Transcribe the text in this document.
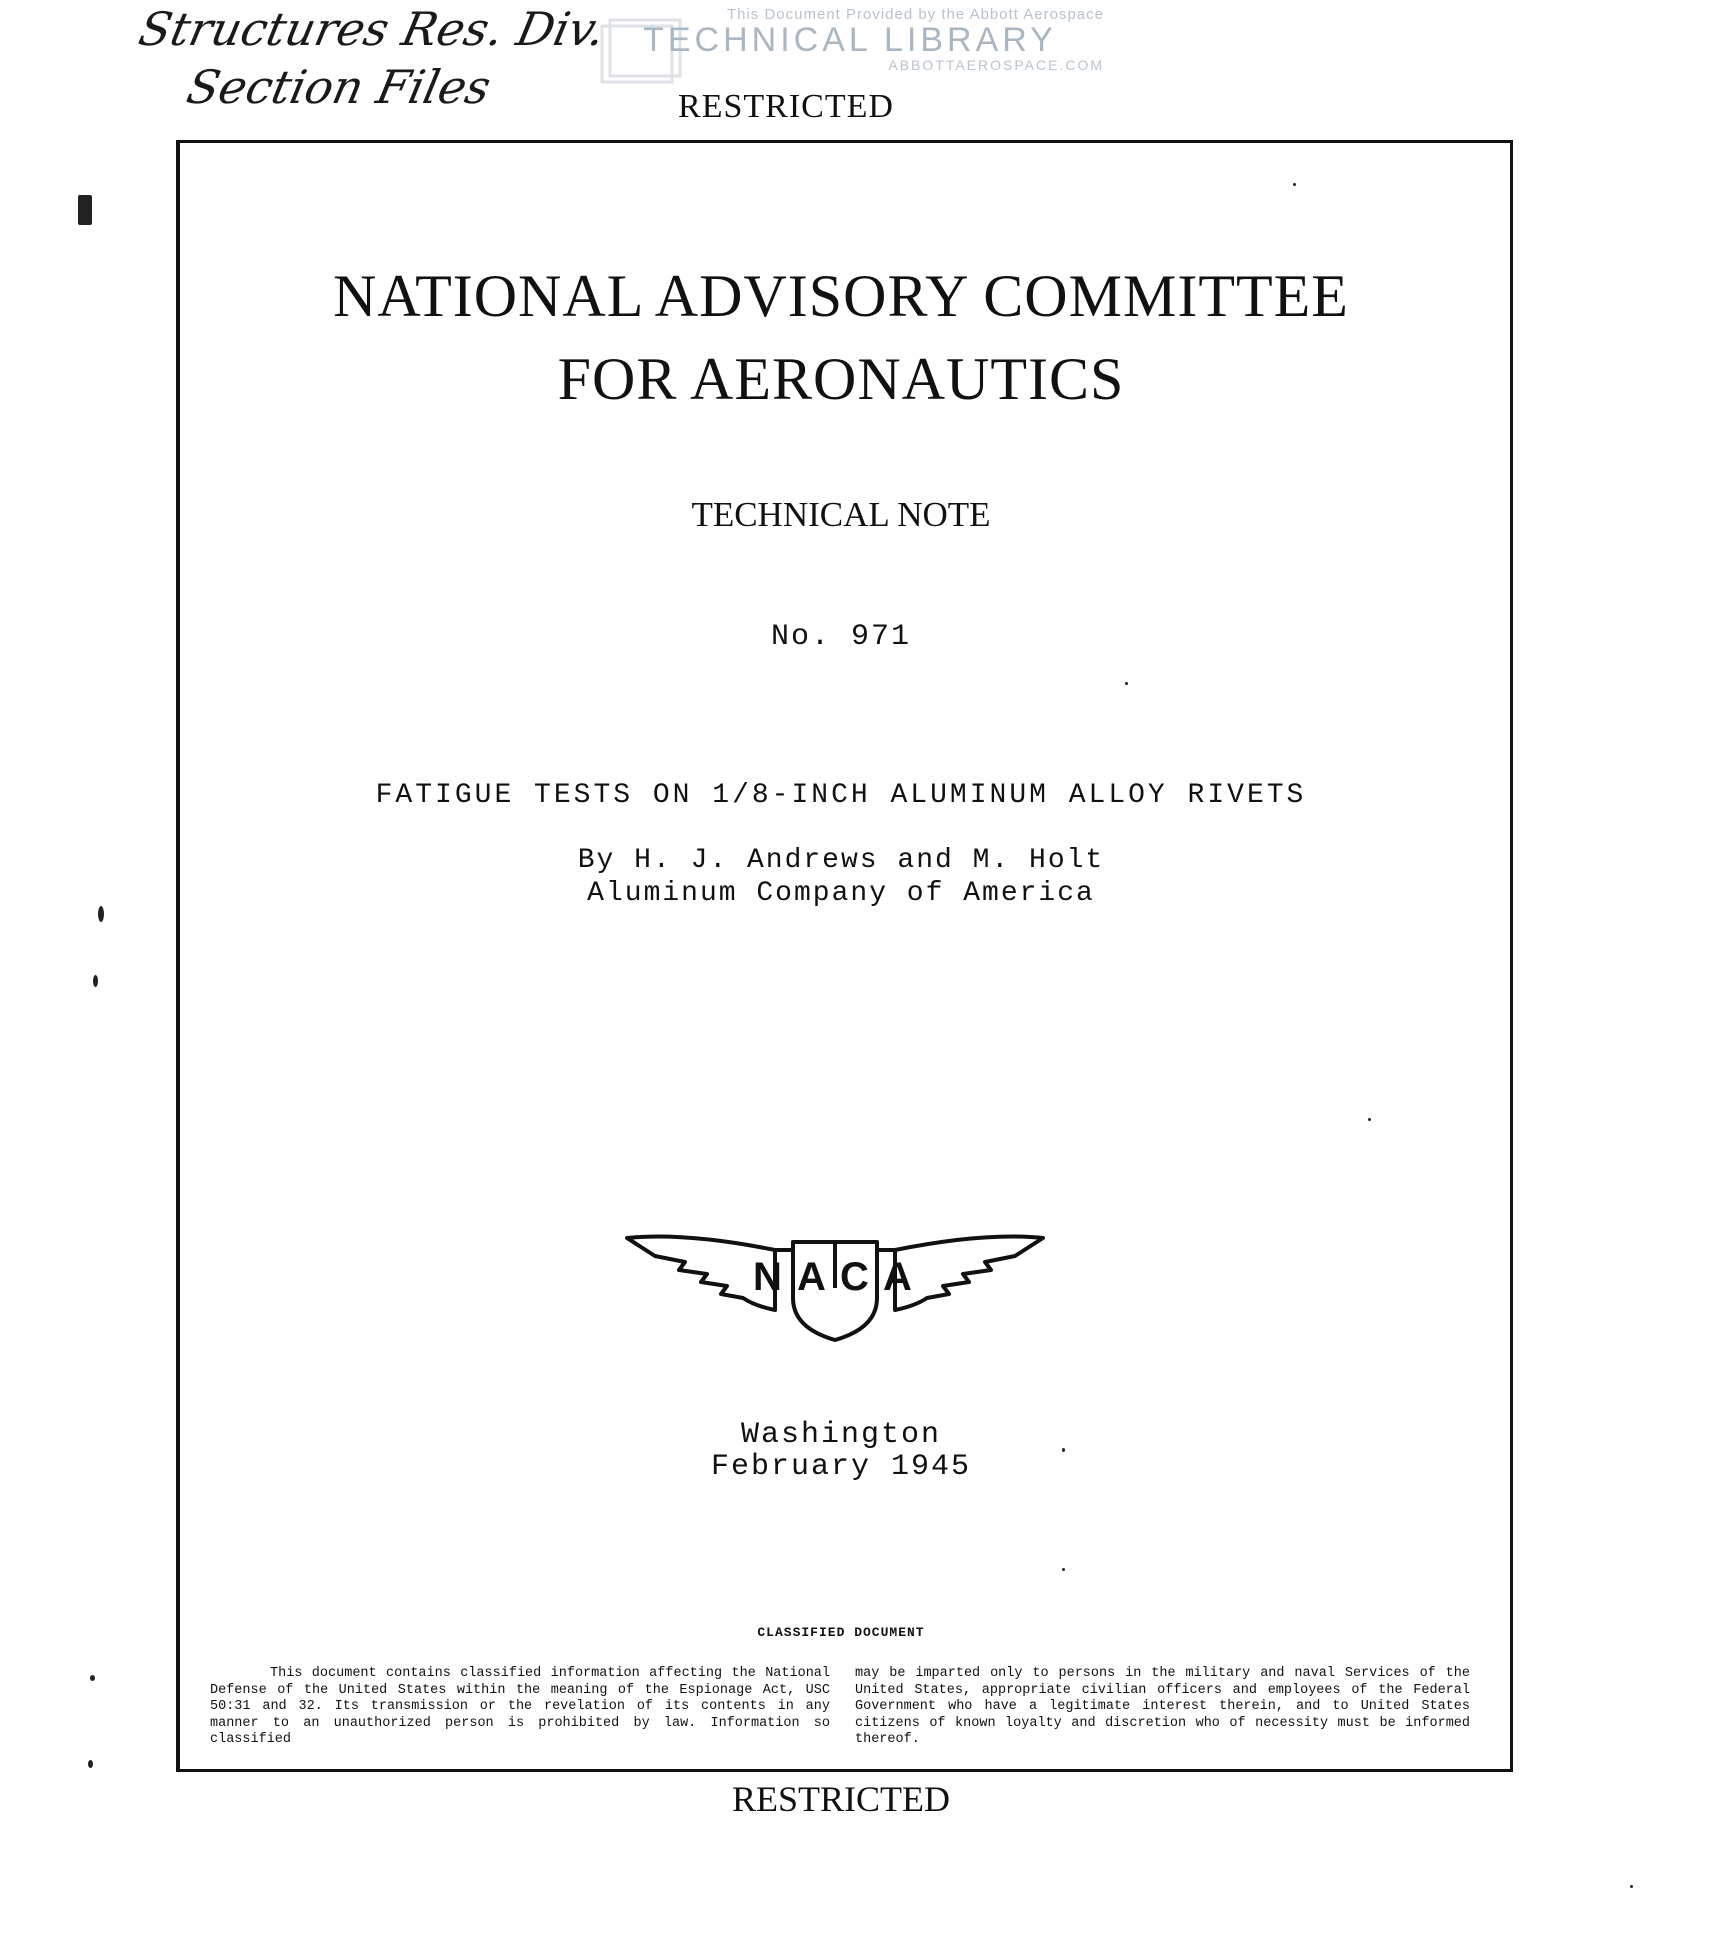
Structures Res. Div.
Section Files
This Document Provided by the Abbott Aerospace
TECHNICAL LIBRARY
ABBOTTAEROSPACE.COM
RESTRICTED
NATIONAL ADVISORY COMMITTEE
FOR AERONAUTICS
TECHNICAL NOTE
No. 971
FATIGUE TESTS ON 1/8-INCH ALUMINUM ALLOY RIVETS
By H. J. Andrews and M. Holt
Aluminum Company of America
N A C A
Washington
February 1945
CLASSIFIED DOCUMENT
This document contains classified information affecting the National Defense of the United States within the meaning of the Espionage Act, USC 50:31 and 32. Its transmission or the revelation of its contents in any manner to an unauthorized person is prohibited by law. Information so classified
may be imparted only to persons in the military and naval Services of the United States, appropriate civilian officers and employees of the Federal Government who have a legitimate interest therein, and to United States citizens of known loyalty and discretion who of necessity must be informed thereof.
RESTRICTED
